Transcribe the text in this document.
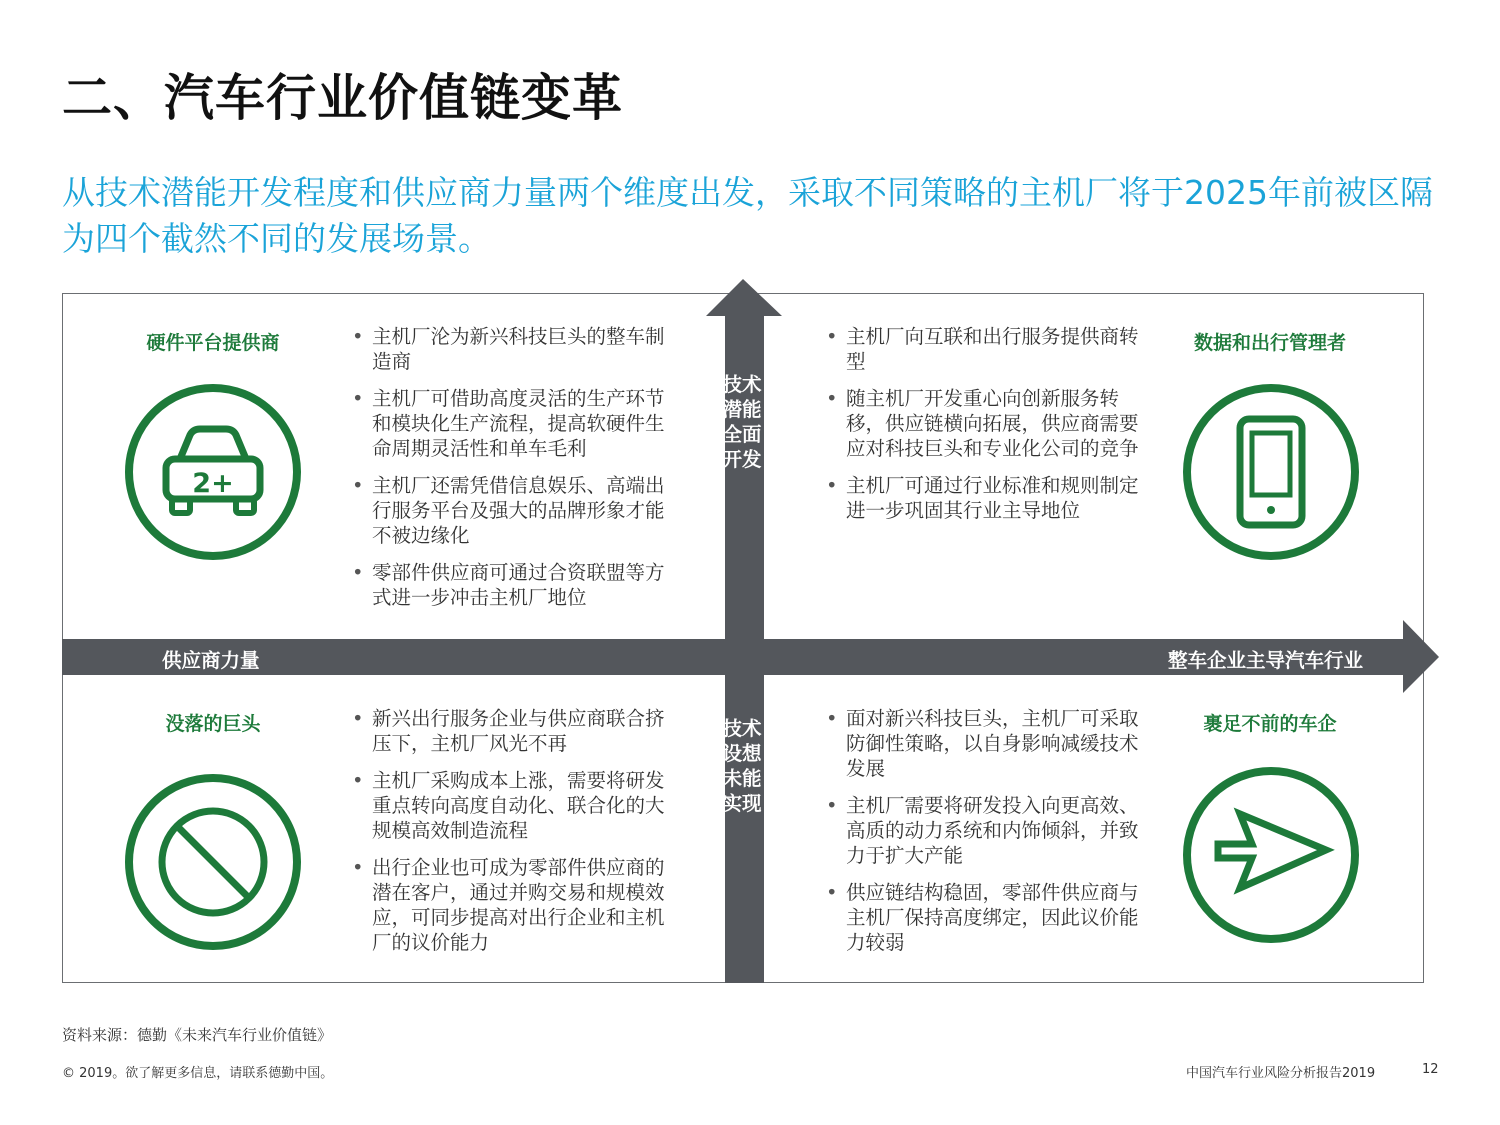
二、汽车行业价值链变革
从技术潜能开发程度和供应商力量两个维度出发，采取不同策略的主机厂将于2025年前被区隔为四个截然不同的发展场景。
技术潜能全面开发
技术设想未能实现
供应商力量	整车企业主导汽车行业
硬件平台提供商
2+
• 主机厂沦为新兴科技巨头的整车制造商
• 主机厂可借助高度灵活的生产环节和模块化生产流程，提高软硬件生命周期灵活性和单车毛利
• 主机厂还需凭借信息娱乐、高端出行服务平台及强大的品牌形象才能不被边缘化
• 零部件供应商可通过合资联盟等方式进一步冲击主机厂地位
• 主机厂向互联和出行服务提供商转型
• 随主机厂开发重心向创新服务转移，供应链横向拓展，供应商需要应对科技巨头和专业化公司的竞争
• 主机厂可通过行业标准和规则制定进一步巩固其行业主导地位
数据和出行管理者
没落的巨头
•	新兴出行服务企业与供应商联合挤压下，主机厂风光不再
• 主机厂采购成本上涨，需要将研发重点转向高度自动化、联合化的大规模高效制造流程
• 出行企业也可成为零部件供应商的潜在客户，通过并购交易和规模效应，可同步提高对出行企业和主机厂的议价能力
• 面对新兴科技巨头，主机厂可采取防御性策略，以自身影响减缓技术发展
• 主机厂需要将研发投入向更高效、高质的动力系统和内饰倾斜，并致力于扩大产能
• 供应链结构稳固，零部件供应商与主机厂保持高度绑定，因此议价能力较弱
裹足不前的车企
资料来源：德勤《未来汽车行业价值链》
© 2019。欲了解更多信息，请联系德勤中国。	中国汽车行业风险分析报告2019	12
